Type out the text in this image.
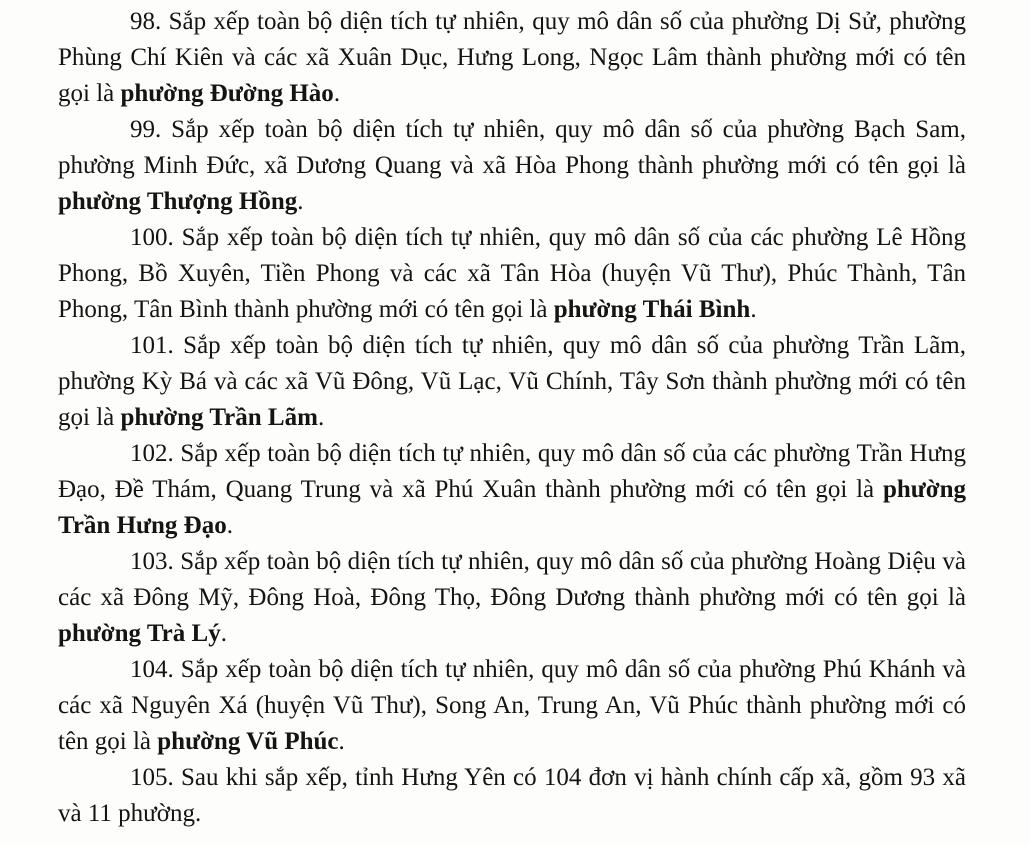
98. Sắp xếp toàn bộ diện tích tự nhiên, quy mô dân số của phường Dị Sử, phường Phùng Chí Kiên và các xã Xuân Dục, Hưng Long, Ngọc Lâm thành phường mới có tên gọi là phường Đường Hào.

99. Sắp xếp toàn bộ diện tích tự nhiên, quy mô dân số của phường Bạch Sam, phường Minh Đức, xã Dương Quang và xã Hòa Phong thành phường mới có tên gọi là phường Thượng Hồng.

100. Sắp xếp toàn bộ diện tích tự nhiên, quy mô dân số của các phường Lê Hồng Phong, Bồ Xuyên, Tiền Phong và các xã Tân Hòa (huyện Vũ Thư), Phúc Thành, Tân Phong, Tân Bình thành phường mới có tên gọi là phường Thái Bình.

101. Sắp xếp toàn bộ diện tích tự nhiên, quy mô dân số của phường Trần Lãm, phường Kỳ Bá và các xã Vũ Đông, Vũ Lạc, Vũ Chính, Tây Sơn thành phường mới có tên gọi là phường Trần Lãm.

102. Sắp xếp toàn bộ diện tích tự nhiên, quy mô dân số của các phường Trần Hưng Đạo, Đề Thám, Quang Trung và xã Phú Xuân thành phường mới có tên gọi là phường Trần Hưng Đạo.

103. Sắp xếp toàn bộ diện tích tự nhiên, quy mô dân số của phường Hoàng Diệu và các xã Đông Mỹ, Đông Hoà, Đông Thọ, Đông Dương thành phường mới có tên gọi là phường Trà Lý.

104. Sắp xếp toàn bộ diện tích tự nhiên, quy mô dân số của phường Phú Khánh và các xã Nguyên Xá (huyện Vũ Thư), Song An, Trung An, Vũ Phúc thành phường mới có tên gọi là phường Vũ Phúc.

105. Sau khi sắp xếp, tỉnh Hưng Yên có 104 đơn vị hành chính cấp xã, gồm 93 xã và 11 phường.
